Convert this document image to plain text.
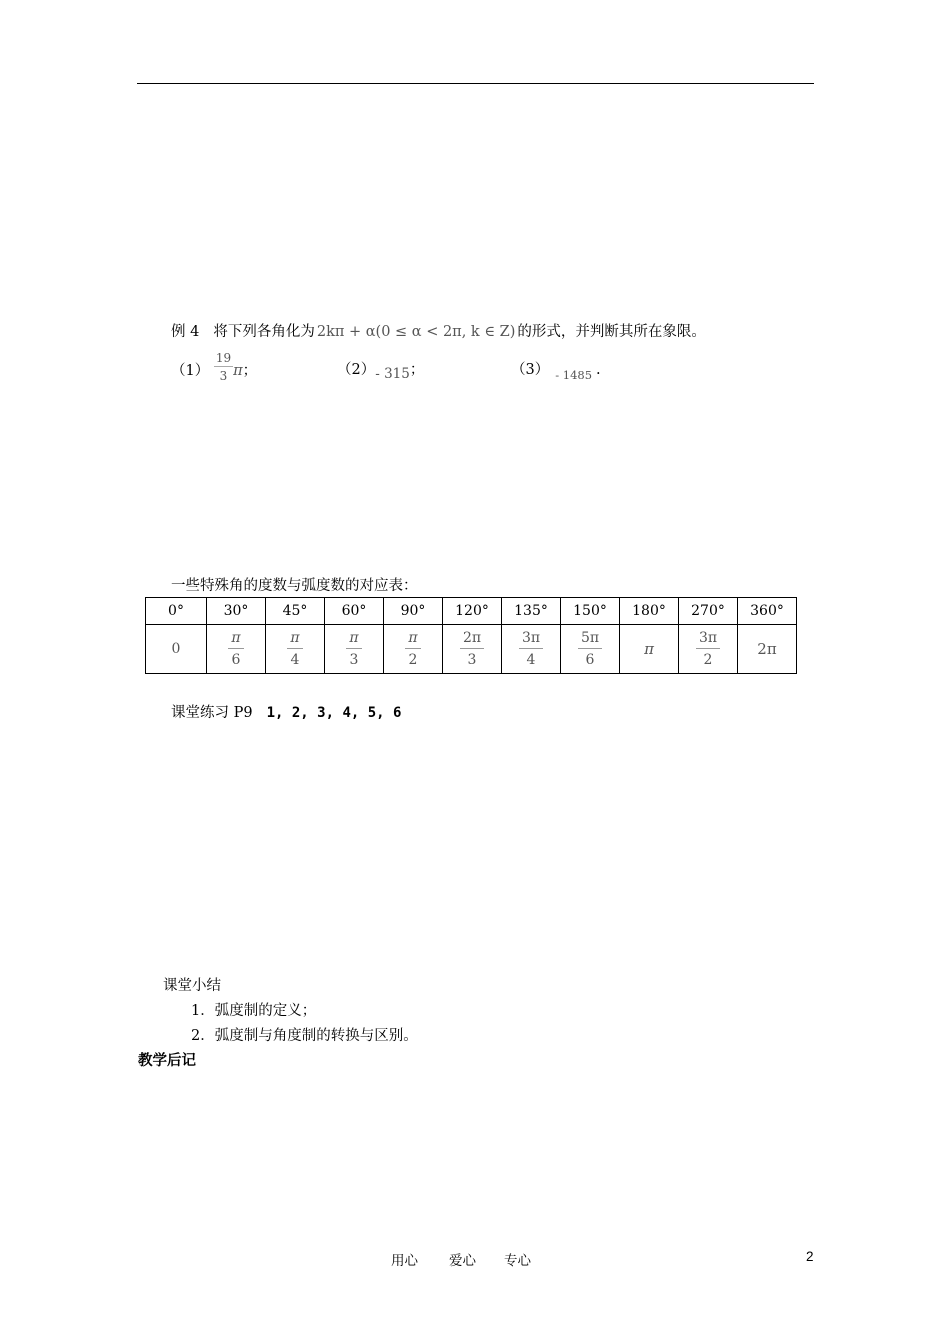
例 4 将下列各角化为 2kπ + α(0 ≤ α < 2π, k ∈ Z) 的形式，并判断其所在象限。
$(1) \frac{19}{3}$ π；	（2）- 315；	（3） $_{- 1485}$ .
一些特殊角的度数与弧度数的对应表：
0°	30°	45°	60°	90°	120°	135°	150°	180°	270°	360°
0	$\frac{\pi}{6}$	$\frac{\pi}{4}$	$\frac{\pi}{3}$	$\frac{\pi}{2}$	$\frac{2\pi}{3}$	$\frac{3\pi}{4}$	$\frac{5\pi}{6}$	π	$\frac{3\pi}{2}$	2π
课堂练习 P9 1, 2, 3, 4, 5, 6
课堂小结
1．弧度制的定义；
2．弧度制与角度制的转换与区别。
教学后记
用心 爱心 专心	2
